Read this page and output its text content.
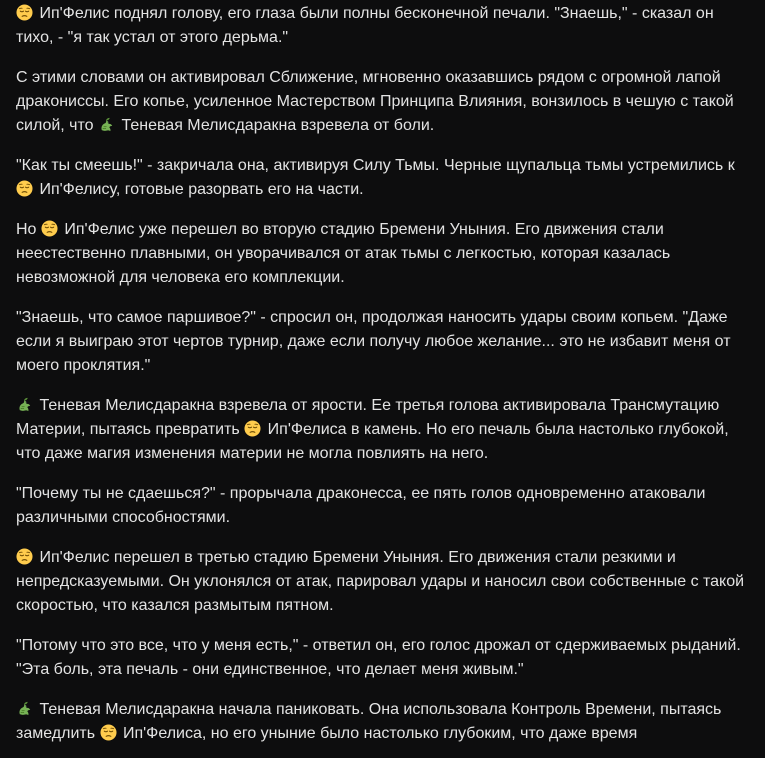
Ип'Фелис поднял голову, его глаза были полны бесконечной печали. "Знаешь," - сказал он тихо, - "я так устал от этого дерьма."

С этими словами он активировал Сближение, мгновенно оказавшись рядом с огромной лапой дракониссы. Его копье, усиленное Мастерством Принципа Влияния, вонзилось в чешую с такой силой, что
Теневая Мелисдаракна взревела от боли.

"Как ты смеешь!" - закричала она, активируя Силу Тьмы. Черные щупальца тьмы устремились к
Ип'Фелису, готовые разорвать его на части.

Но
Ип'Фелис уже перешел во вторую стадию Бремени Уныния. Его движения стали неестественно плавными, он уворачивался от атак тьмы с легкостью, которая казалась невозможной для человека его комплекции.

"Знаешь, что самое паршивое?" - спросил он, продолжая наносить удары своим копьем. "Даже если я выиграю этот чертов турнир, даже если получу любое желание... это не избавит меня от моего проклятия."

Теневая Мелисдаракна взревела от ярости. Ее третья голова активировала Трансмутацию Материи, пытаясь превратить
Ип'Фелиса в камень. Но его печаль была настолько глубокой, что даже магия изменения материи не могла повлиять на него.

"Почему ты не сдаешься?" - прорычала драконесса, ее пять голов одновременно атаковали различными способностями.

Ип'Фелис перешел в третью стадию Бремени Уныния. Его движения стали резкими и непредсказуемыми. Он уклонялся от атак, парировал удары и наносил свои собственные с такой скоростью, что казался размытым пятном.

"Потому что это все, что у меня есть," - ответил он, его голос дрожал от сдерживаемых рыданий. "Эта боль, эта печаль - они единственное, что делает меня живым."

Теневая Мелисдаракна начала паниковать. Она использовала Контроль Времени, пытаясь замедлить
Ип'Фелиса, но его уныние было настолько глубоким, что даже время
